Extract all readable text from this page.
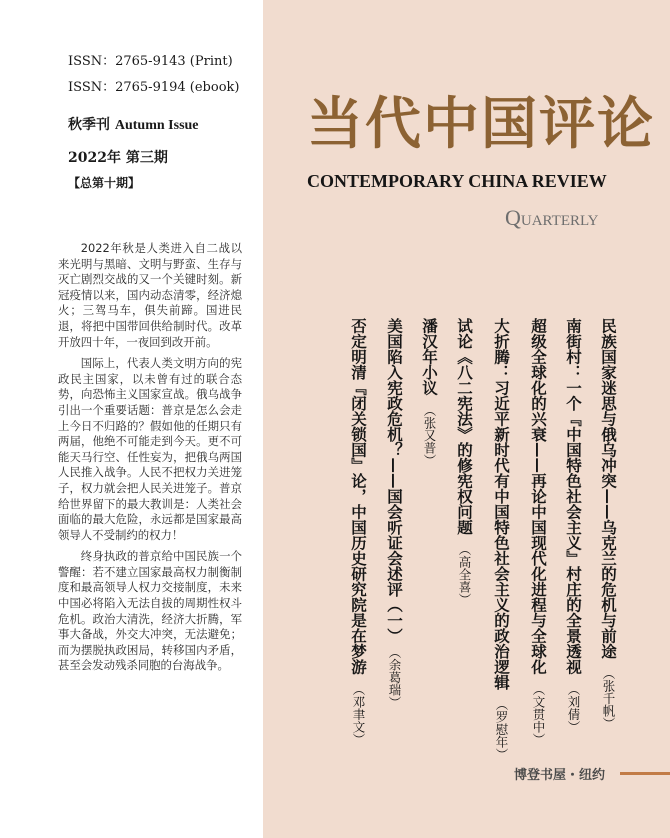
ISSN：2765-9143 (Print)
ISSN：2765-9194 (ebook)
秋季刊 Autumn Issue
2022年 第三期
【总第十期】

2022年秋是人类进入自二战以来光明与黑暗、文明与野蛮、生存与灭亡剧烈交战的又一个关键时刻。新冠疫情以来，国内动态清零，经济熄火；三驾马车，俱失前蹄。国进民退，将把中国带回供给制时代。改革开放四十年，一夜回到改开前。

国际上，代表人类文明方向的宪政民主国家，以未曾有过的联合态势，向恐怖主义国家宣战。俄乌战争引出一个重要话题：普京是怎么会走上今日不归路的？假如他的任期只有两届，他绝不可能走到今天。更不可能天马行空、任性妄为，把俄乌两国人民推入战争。人民不把权力关进笼子，权力就会把人民关进笼子。普京给世界留下的最大教训是：人类社会面临的最大危险，永远都是国家最高领导人不受制约的权力！

终身执政的普京给中国民族一个警醒：若不建立国家最高权力制衡制度和最高领导人权力交接制度，未来中国必将陷入无法自拔的周期性权斗危机。政治大清洗，经济大折腾，军事大备战，外交大冲突，无法避免；而为摆脱执政困局，转移国内矛盾，甚至会发动残杀同胞的台海战争。

当代中国评论
CONTEMPORARY CHINA REVIEW
Quarterly
民族国家迷思与俄乌冲突——乌克兰的危机与前途（张千帆）
南街村：一个『中国特色社会主义』村庄的全景透视（刘倩）
超级全球化的兴衰——再论中国现代化进程与全球化（文贯中）
大折腾：习近平新时代有中国特色社会主义的政治逻辑（罗慰年）
试论《八二宪法》的修宪权问题（高全喜）
潘汉年小议（张又普）
美国陷入宪政危机？——国会听证会述评（一）（余葛瑞）
否定明清『闭关锁国』论，中国历史研究院是在梦游（邓聿文）
博登书屋・纽约
